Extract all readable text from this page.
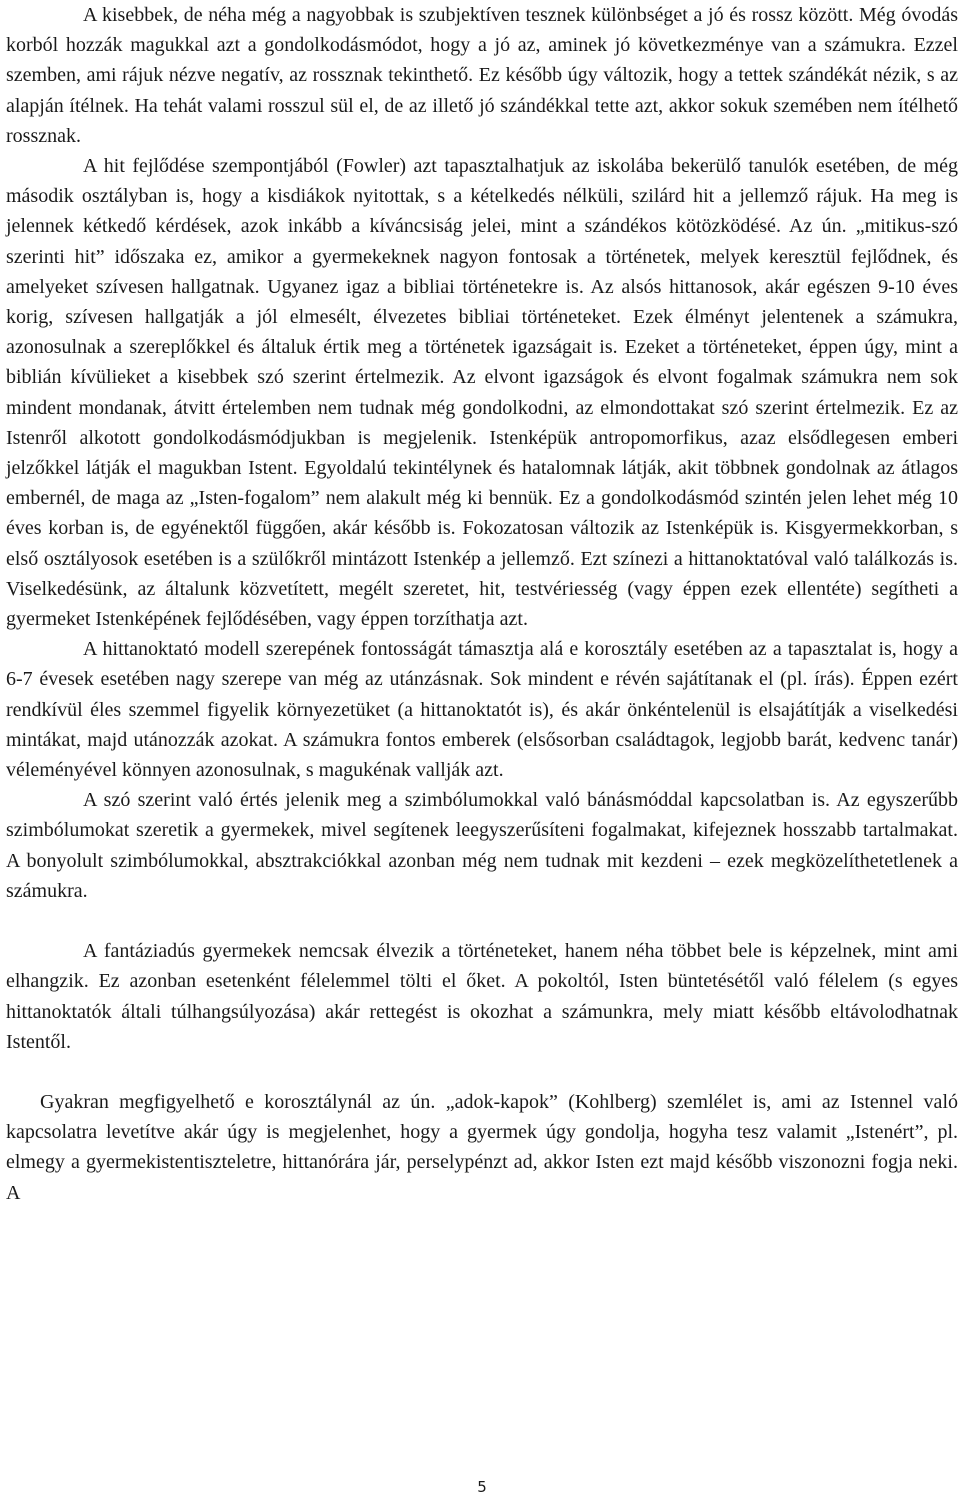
A kisebbek, de néha még a nagyobbak is szubjektíven tesznek különbséget a jó és rossz között. Még óvodás korból hozzák magukkal azt a gondolkodásmódot, hogy a jó az, aminek jó következménye van a számukra. Ezzel szemben, ami rájuk nézve negatív, az rossznak tekinthető. Ez később úgy változik, hogy a tettek szándékát nézik, s az alapján ítélnek. Ha tehát valami rosszul sül el, de az illető jó szándékkal tette azt, akkor sokuk szemében nem ítélhető rossznak.

A hit fejlődése szempontjából (Fowler) azt tapasztalhatjuk az iskolába bekerülő tanulók esetében, de még második osztályban is, hogy a kisdiákok nyitottak, s a kételkedés nélküli, szilárd hit a jellemző rájuk. Ha meg is jelennek kétkedő kérdések, azok inkább a kíváncsiság jelei, mint a szándékos kötözködésé. Az ún. „mitikus-szó szerinti hit” időszaka ez, amikor a gyermekeknek nagyon fontosak a történetek, melyek keresztül fejlődnek, és amelyeket szívesen hallgatnak. Ugyanez igaz a bibliai történetekre is. Az alsós hittanosok, akár egészen 9-10 éves korig, szívesen hallgatják a jól elmesélt, élvezetes bibliai történeteket. Ezek élményt jelentenek a számukra, azonosulnak a szereplőkkel és általuk értik meg a történetek igazságait is. Ezeket a történeteket, éppen úgy, mint a biblián kívülieket a kisebbek szó szerint értelmezik. Az elvont igazságok és elvont fogalmak számukra nem sok mindent mondanak, átvitt értelemben nem tudnak még gondolkodni, az elmondottakat szó szerint értelmezik. Ez az Istenről alkotott gondolkodásmódjukban is megjelenik. Istenképük antropomorfikus, azaz elsődlegesen emberi jelzőkkel látják el magukban Istent. Egyoldalú tekintélynek és hatalomnak látják, akit többnek gondolnak az átlagos embernél, de maga az „Isten-fogalom” nem alakult még ki bennük. Ez a gondolkodásmód szintén jelen lehet még 10 éves korban is, de egyénektől függően, akár később is. Fokozatosan változik az Istenképük is. Kisgyermekkorban, s első osztályosok esetében is a szülőkről mintázott Istenkép a jellemző. Ezt színezi a hittanoktatóval való találkozás is. Viselkedésünk, az általunk közvetített, megélt szeretet, hit, testvériesség (vagy éppen ezek ellentéte) segítheti a gyermeket Istenképének fejlődésében, vagy éppen torzíthatja azt.

A hittanoktató modell szerepének fontosságát támasztja alá e korosztály esetében az a tapasztalat is, hogy a 6-7 évesek esetében nagy szerepe van még az utánzásnak. Sok mindent e révén sajátítanak el (pl. írás). Éppen ezért rendkívül éles szemmel figyelik környezetüket (a hittanoktatót is), és akár önkéntelenül is elsajátítják a viselkedési mintákat, majd utánozzák azokat. A számukra fontos emberek (elsősorban családtagok, legjobb barát, kedvenc tanár) véleményével könnyen azonosulnak, s magukénak vallják azt.

A szó szerint való értés jelenik meg a szimbólumokkal való bánásmóddal kapcsolatban is. Az egyszerűbb szimbólumokat szeretik a gyermekek, mivel segítenek leegyszerűsíteni fogalmakat, kifejeznek hosszabb tartalmakat. A bonyolult szimbólumokkal, absztrakciókkal azonban még nem tudnak mit kezdeni – ezek megközelíthetetlenek a számukra.

A fantáziadús gyermekek nemcsak élvezik a történeteket, hanem néha többet bele is képzelnek, mint ami elhangzik. Ez azonban esetenként félelemmel tölti el őket. A pokoltól, Isten büntetésétől való félelem (s egyes hittanoktatók általi túlhangsúlyozása) akár rettegést is okozhat a számunkra, mely miatt később eltávolodhatnak Istentől.

Gyakran megfigyelhető e korosztálynál az ún. „adok-kapok” (Kohlberg) szemlélet is, ami az Istennel való kapcsolatra levetítve akár úgy is megjelenhet, hogy a gyermek úgy gondolja, hogyha tesz valamit „Istenért”, pl. elmegy a gyermekistentiszteletre, hittanórára jár, perselypénzt ad, akkor Isten ezt majd később viszonozni fogja neki. A

5
